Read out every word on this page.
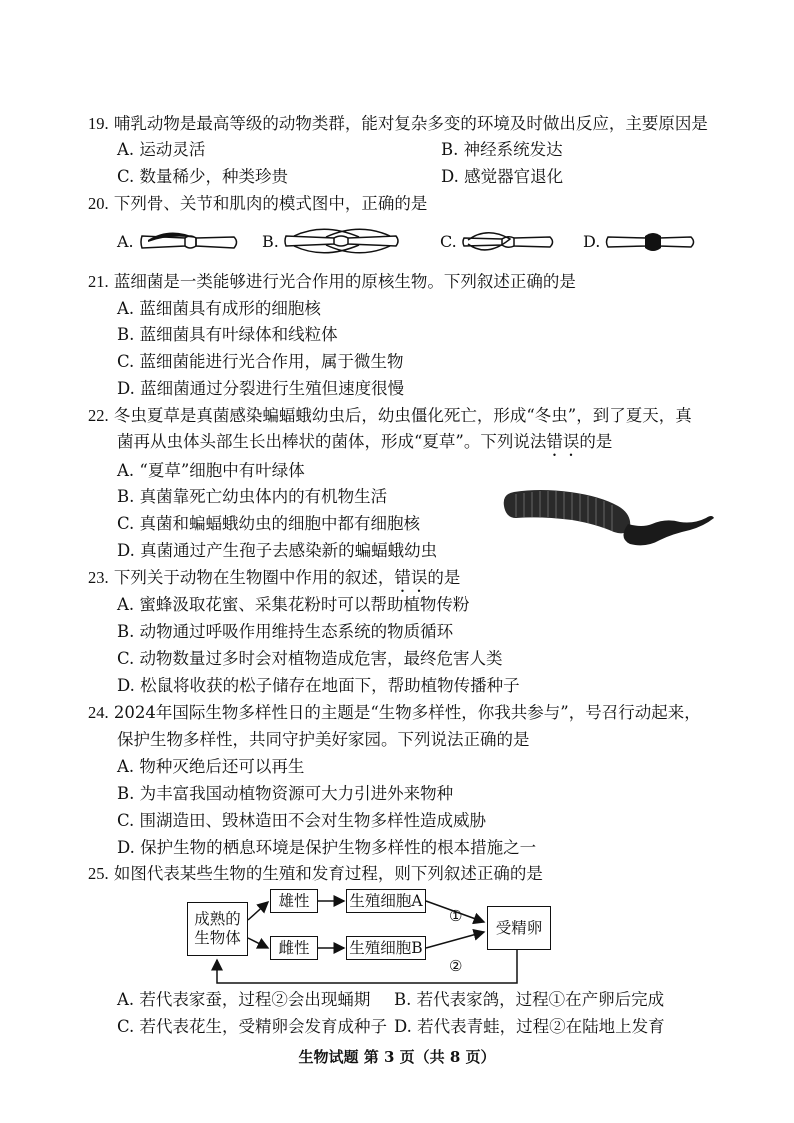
19. 哺乳动物是最高等级的动物类群，能对复杂多变的环境及时做出反应，主要原因是
A. 运动灵活	B. 神经系统发达
C. 数量稀少，种类珍贵	D. 感觉器官退化
20. 下列骨、关节和肌肉的模式图中，正确的是
A.	B.	C.	D.
21. 蓝细菌是一类能够进行光合作用的原核生物。下列叙述正确的是
A. 蓝细菌具有成形的细胞核
B. 蓝细菌具有叶绿体和线粒体
C. 蓝细菌能进行光合作用，属于微生物
D. 蓝细菌通过分裂进行生殖但速度很慢
22. 冬虫夏草是真菌感染蝙蝠蛾幼虫后，幼虫僵化死亡，形成“冬虫”，到了夏天，真
菌再从虫体头部生长出棒状的菌体，形成“夏草”。下列说法错误的是
A. “夏草”细胞中有叶绿体
B. 真菌靠死亡幼虫体内的有机物生活
C. 真菌和蝙蝠蛾幼虫的细胞中都有细胞核
D. 真菌通过产生孢子去感染新的蝙蝠蛾幼虫
23. 下列关于动物在生物圈中作用的叙述，错误的是
A. 蜜蜂汲取花蜜、采集花粉时可以帮助植物传粉
B. 动物通过呼吸作用维持生态系统的物质循环
C. 动物数量过多时会对植物造成危害，最终危害人类
D. 松鼠将收获的松子储存在地面下，帮助植物传播种子
24. 2024年国际生物多样性日的主题是“生物多样性，你我共参与”，号召行动起来，
保护生物多样性，共同守护美好家园。下列说法正确的是
A. 物种灭绝后还可以再生
B. 为丰富我国动植物资源可大力引进外来物种
C. 围湖造田、毁林造田不会对生物多样性造成威胁
D. 保护生物的栖息环境是保护生物多样性的根本措施之一
25. 如图代表某些生物的生殖和发育过程，则下列叙述正确的是
成熟的
生物体
雄性
雌性
生殖细胞A
生殖细胞B
受精卵
①
②
A. 若代表家蚕，过程②会出现蛹期 B. 若代表家鸽，过程①在产卵后完成
C. 若代表花生，受精卵会发育成种子 D. 若代表青蛙，过程②在陆地上发育
生物试题 第 3 页（共 8 页）
